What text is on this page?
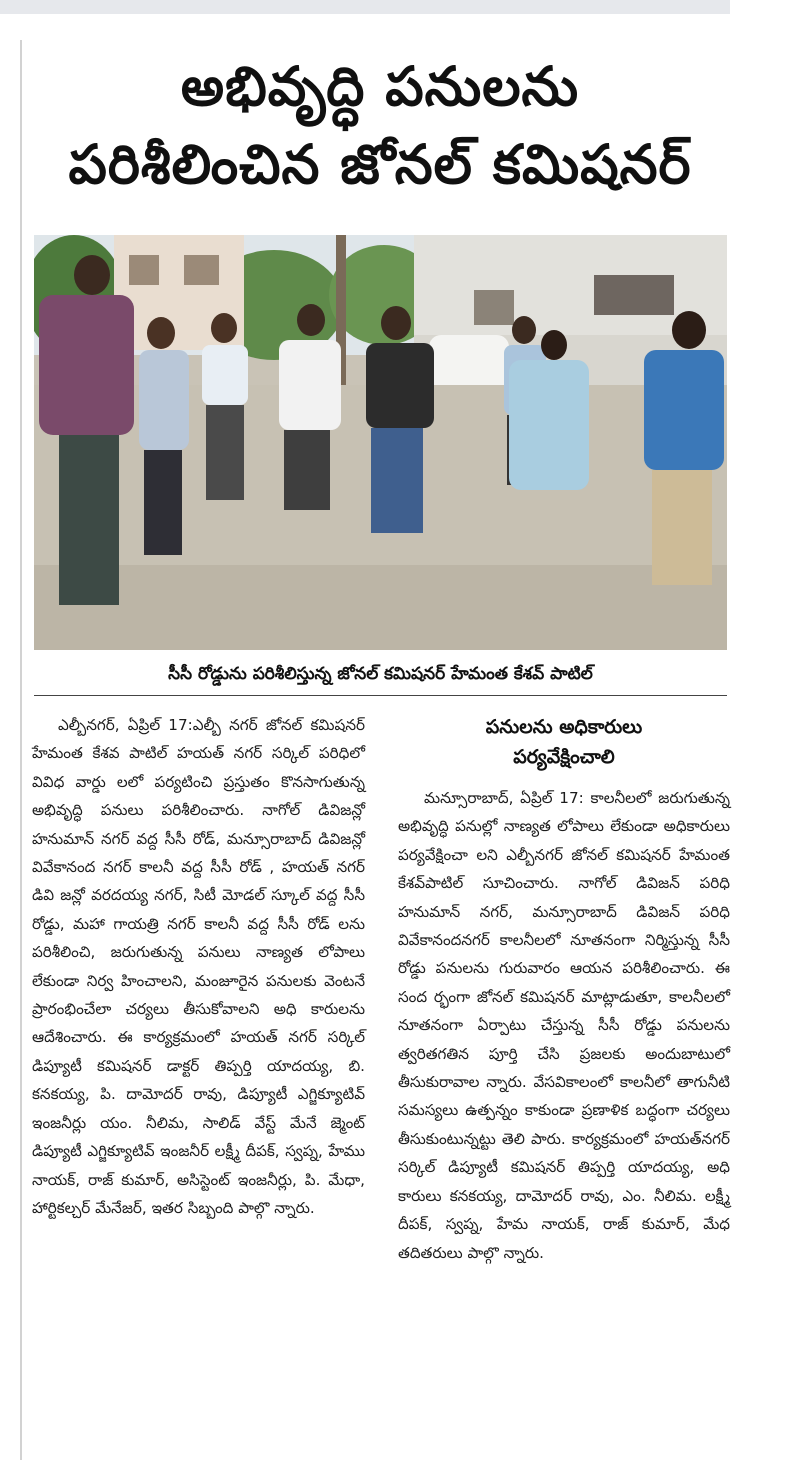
అభివృద్ధి పనులను
పరిశీలించిన జోనల్ కమిషనర్
సీసీ రోడ్డును పరిశీలిస్తున్న జోనల్ కమిషనర్ హేమంత కేశవ్ పాటిల్
ఎల్బీనగర్, ఏప్రిల్ 17:ఎల్బీ నగర్ జోనల్ కమిషనర్ హేమంత కేశవ పాటిల్ హయత్ నగర్ సర్కిల్ పరిధిలో వివిధ వార్డు లలో పర్యటించి ప్రస్తుతం కొనసాగుతున్న అభివృద్ధి పనులు పరిశీలించారు. నాగోల్ డివిజన్లో హనుమాన్ నగర్ వద్ద సీసీ రోడ్, మన్సూరాబాద్ డివిజన్లో వివేకానంద నగర్ కాలనీ వద్ద సీసీ రోడ్ , హయత్ నగర్ డివి జన్లో వరదయ్య నగర్, సిటీ మోడల్ స్కూల్ వద్ద సీసీ రోడ్డు, మహా గాయత్రి నగర్ కాలనీ వద్ద సీసీ రోడ్ లను పరిశీలించి, జరుగుతున్న పనులు నాణ్యత లోపాలు లేకుండా నిర్వ హించాలని, మంజూరైన పనులకు వెంటనే ప్రారంభించేలా చర్యలు తీసుకోవాలని అధి కారులను ఆదేశించారు. ఈ కార్యక్రమంలో హయత్ నగర్ సర్కిల్ డిప్యూటీ కమిషనర్ డాక్టర్ తిప్పర్తి యాదయ్య, బి. కనకయ్య, పి. దామోదర్ రావు, డిప్యూటీ ఎగ్జిక్యూటివ్ ఇంజనీర్లు యం. నీలిమ, సాలిడ్ వేస్ట్ మేనే జ్మెంట్ డిప్యూటీ ఎగ్జిక్యూటివ్ ఇంజనీర్ లక్ష్మీ దీపక్, స్వప్న, హేము నాయక్, రాజ్ కుమార్, అసిస్టెంట్ ఇంజనీర్లు, పి. మేధా, హార్టికల్చర్ మేనేజర్, ఇతర సిబ్బంది పాల్గొ న్నారు.
పనులను అధికారులు
పర్యవేక్షించాలి
మన్సూరాబాద్, ఏప్రిల్ 17: కాలనీలలో జరుగుతున్న అభివృద్ధి పనుల్లో నాణ్యత లోపాలు లేకుండా అధికారులు పర్యవేక్షించా లని ఎల్బీనగర్ జోనల్ కమిషనర్ హేమంత కేశవ్‌పాటిల్ సూచించారు. నాగోల్ డివిజన్ పరిధి హనుమాన్ నగర్, మన్సూరాబాద్ డివిజన్ పరిధి వివేకానందనగర్ కాలనీలలో నూతనంగా నిర్మిస్తున్న సీసీ రోడ్డు పనులను గురువారం ఆయన పరిశీలించారు. ఈ సంద ర్భంగా జోనల్ కమిషనర్ మాట్లాడుతూ, కాలనీలలో నూతనంగా ఏర్పాటు చేస్తున్న సీసీ రోడ్డు పనులను త్వరితగతిన పూర్తి చేసి ప్రజలకు అందుబాటులో తీసుకురావాల న్నారు. వేసవికాలంలో కాలనీలో తాగునీటి సమస్యలు ఉత్పన్నం కాకుండా ప్రణాళిక బద్ధంగా చర్యలు తీసుకుంటున్నట్టు తెలి పారు. కార్యక్రమంలో హయత్‌నగర్ సర్కిల్ డిప్యూటీ కమిషనర్ తిప్పర్తి యాదయ్య, అధి కారులు కనకయ్య, దామోదర్ రావు, ఎం. నీలిమ. లక్ష్మీ దీపక్, స్వప్న, హేమ నాయక్, రాజ్ కుమార్, మేధ తదితరులు పాల్గొ న్నారు.
